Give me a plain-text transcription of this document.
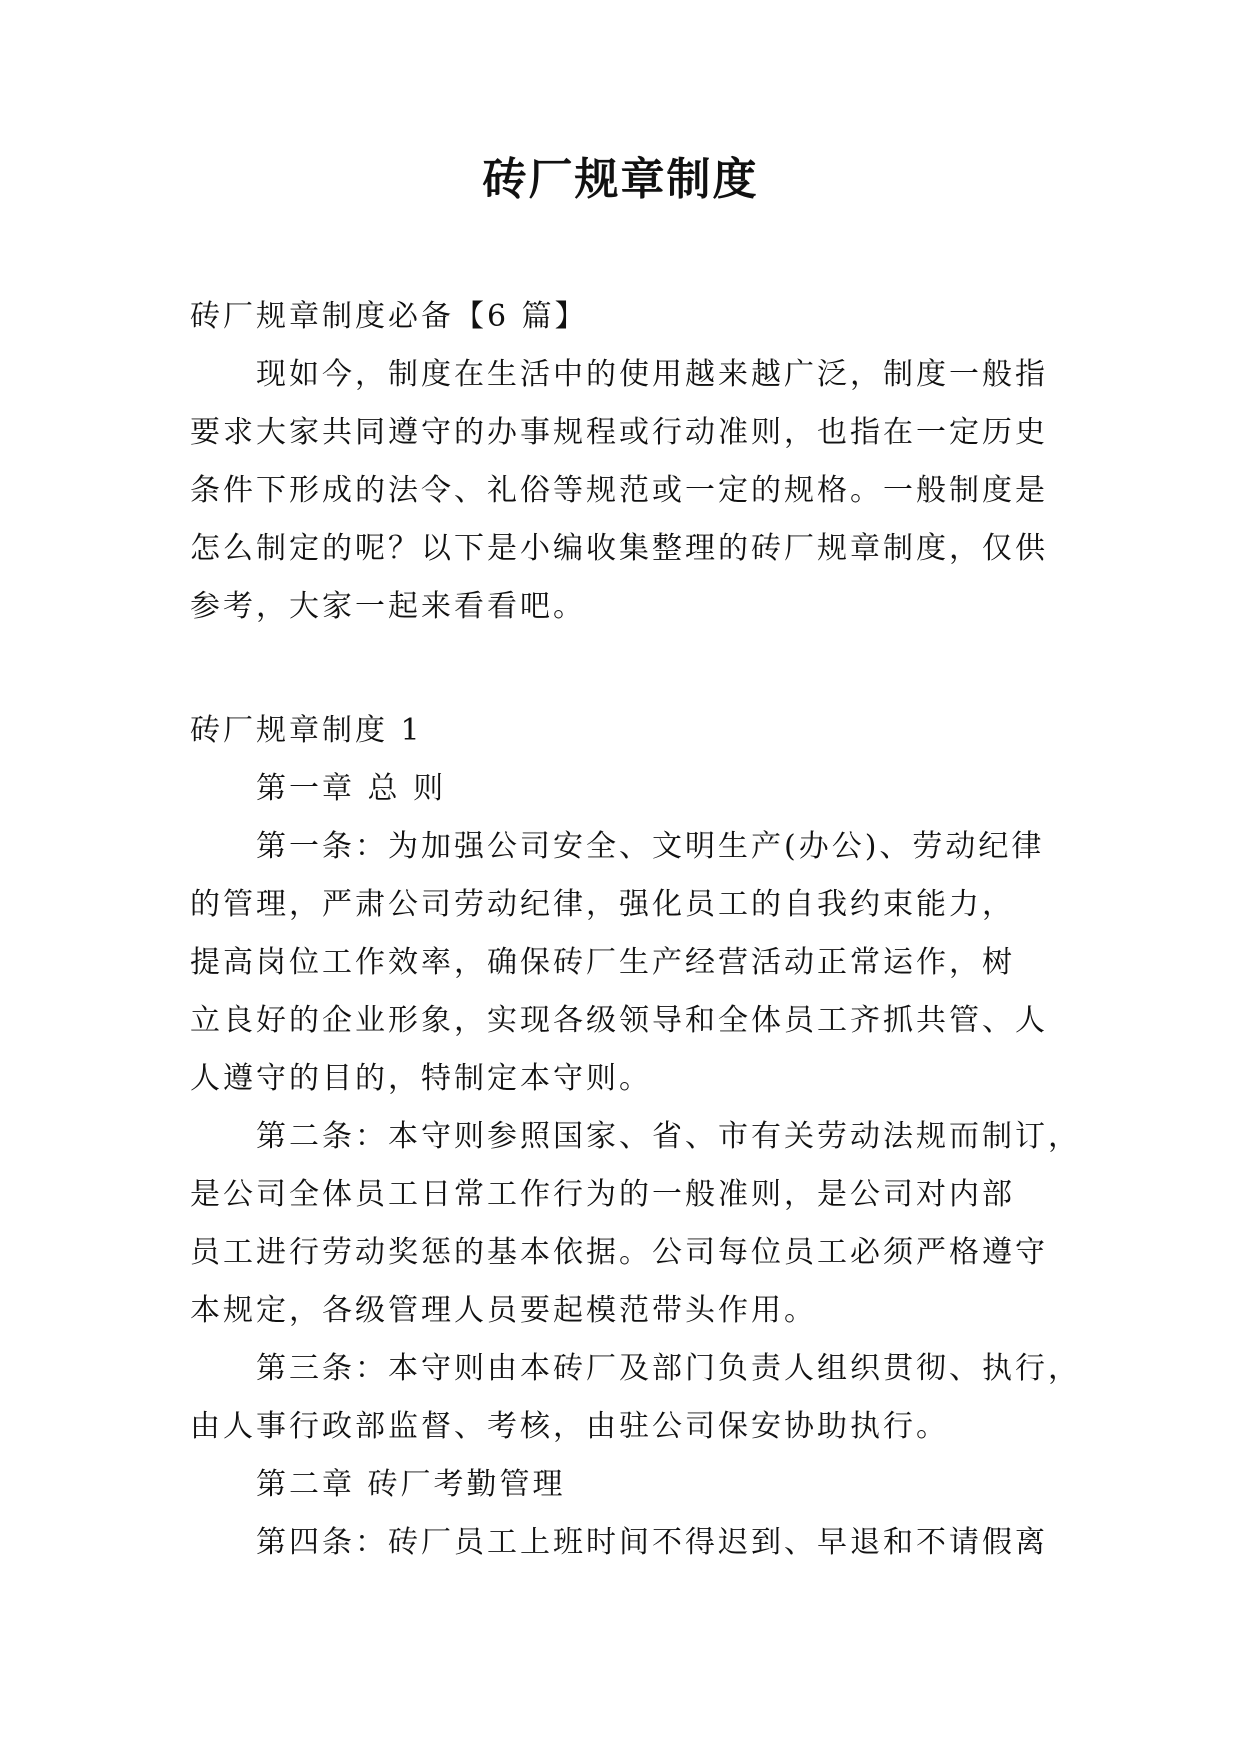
砖厂规章制度

砖厂规章制度必备【6 篇】

现如今，制度在生活中的使用越来越广泛，制度一般指

要求大家共同遵守的办事规程或行动准则，也指在一定历史

条件下形成的法令、礼俗等规范或一定的规格。一般制度是

怎么制定的呢？以下是小编收集整理的砖厂规章制度，仅供

参考，大家一起来看看吧。

砖厂规章制度 1

第一章 总 则

第一条：为加强公司安全、文明生产(办公)、劳动纪律

的管理，严肃公司劳动纪律，强化员工的自我约束能力，

提高岗位工作效率，确保砖厂生产经营活动正常运作，树

立良好的企业形象，实现各级领导和全体员工齐抓共管、人

人遵守的目的，特制定本守则。

第二条：本守则参照国家、省、市有关劳动法规而制订，

是公司全体员工日常工作行为的一般准则，是公司对内部

员工进行劳动奖惩的基本依据。公司每位员工必须严格遵守

本规定，各级管理人员要起模范带头作用。

第三条：本守则由本砖厂及部门负责人组织贯彻、执行，

由人事行政部监督、考核，由驻公司保安协助执行。

第二章 砖厂考勤管理

第四条：砖厂员工上班时间不得迟到、早退和不请假离
